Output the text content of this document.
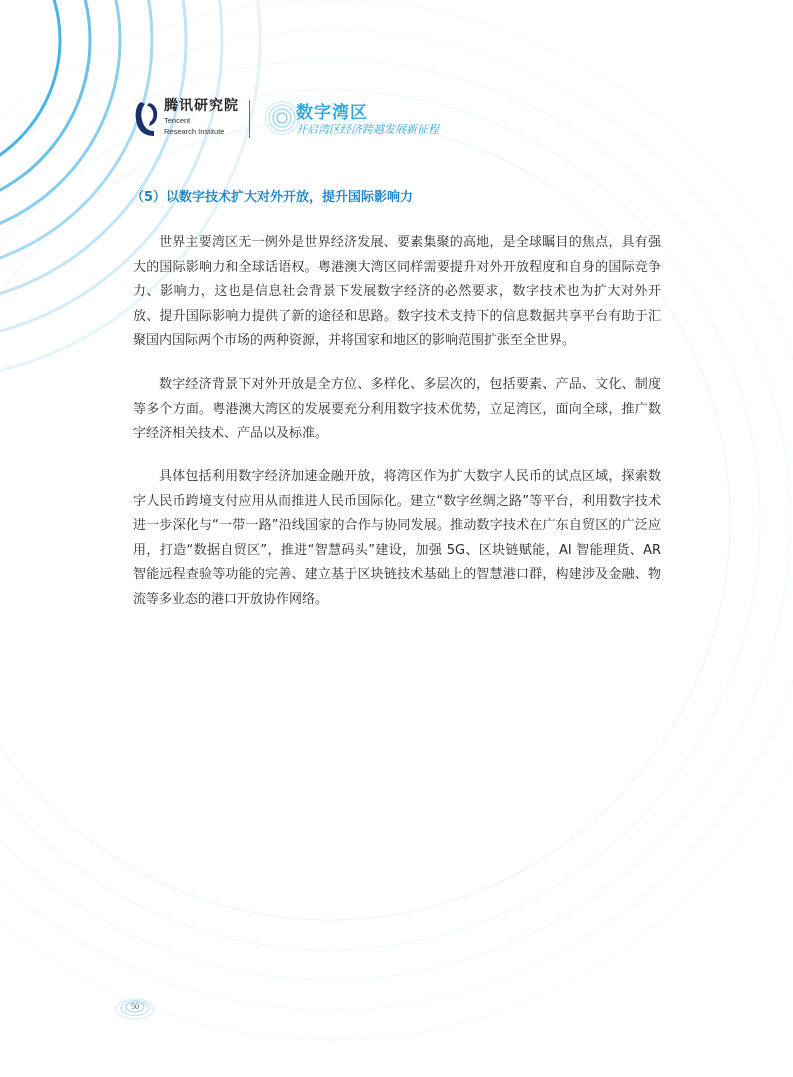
腾讯研究院
Tencent
Research Institute
数字湾区
开启湾区经济跨越发展新征程
（5）以数字技术扩大对外开放，提升国际影响力

世界主要湾区无一例外是世界经济发展、要素集聚的高地，是全球瞩目的焦点，具有强大的国际影响力和全球话语权。粤港澳大湾区同样需要提升对外开放程度和自身的国际竞争力、影响力，这也是信息社会背景下发展数字经济的必然要求，数字技术也为扩大对外开放、提升国际影响力提供了新的途径和思路。数字技术支持下的信息数据共享平台有助于汇聚国内国际两个市场的两种资源，并将国家和地区的影响范围扩张至全世界。

数字经济背景下对外开放是全方位、多样化、多层次的，包括要素、产品、文化、制度等多个方面。粤港澳大湾区的发展要充分利用数字技术优势，立足湾区，面向全球，推广数字经济相关技术、产品以及标准。

具体包括利用数字经济加速金融开放，将湾区作为扩大数字人民币的试点区域，探索数字人民币跨境支付应用从而推进人民币国际化。建立“数字丝绸之路”等平台，利用数字技术进一步深化与“一带一路”沿线国家的合作与协同发展。推动数字技术在广东自贸区的广泛应用，打造“数据自贸区”，推进“智慧码头”建设，加强 5G、区块链赋能，AI 智能理货、AR 智能远程查验等功能的完善、建立基于区块链技术基础上的智慧港口群，构建涉及金融、物流等多业态的港口开放协作网络。

50
